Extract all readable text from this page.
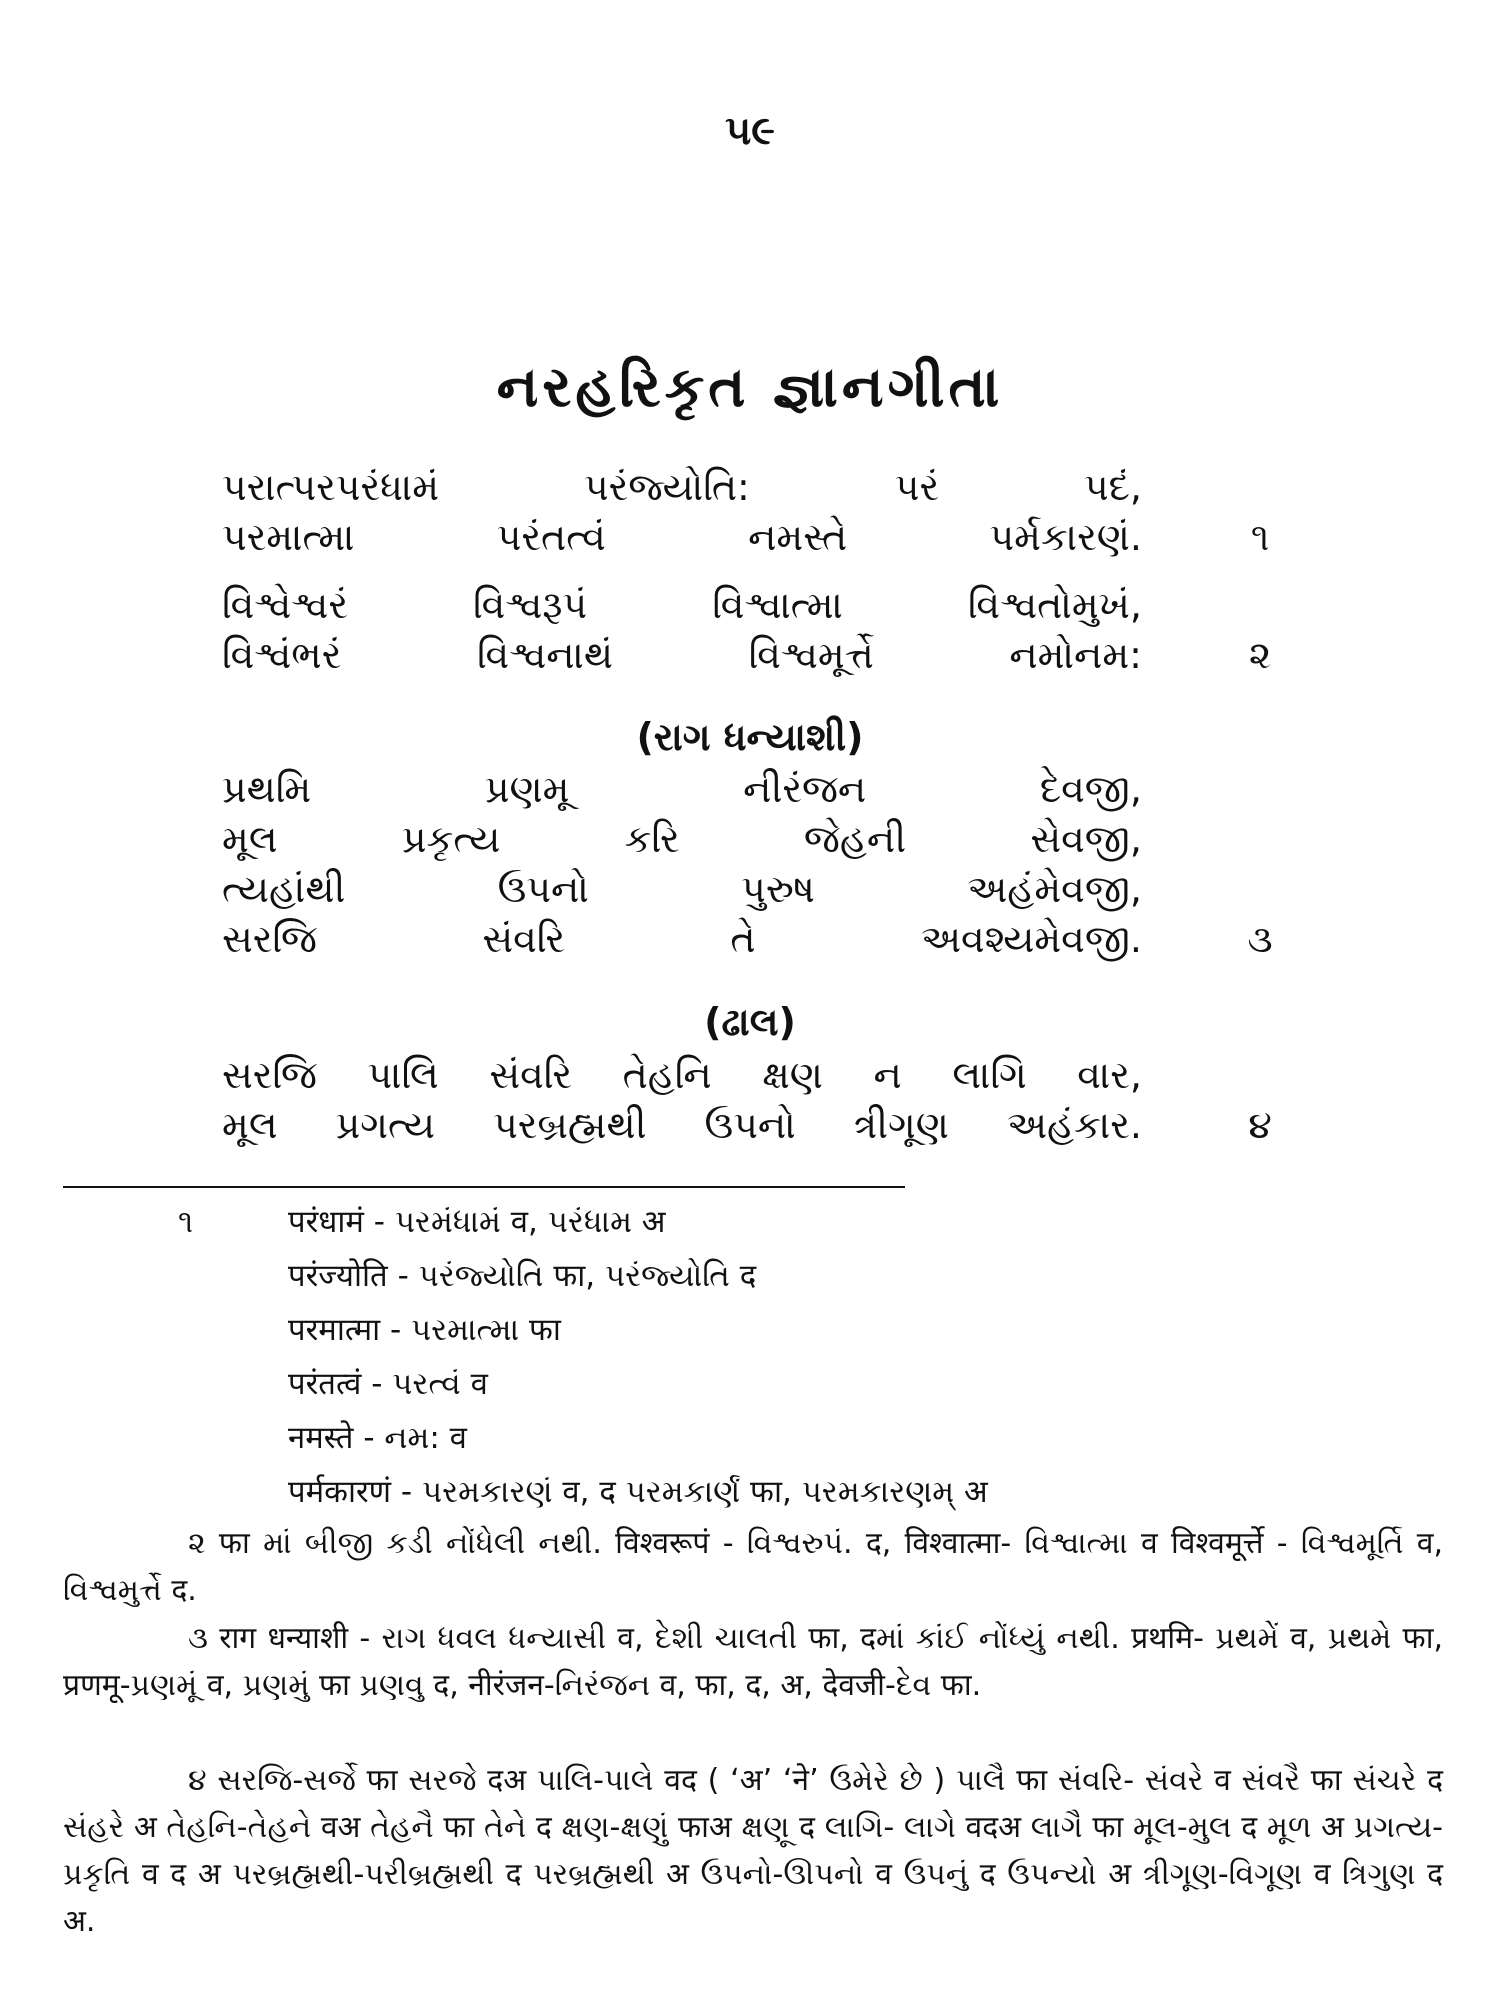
૫૯
નરહરિકૃત જ્ઞાનગીતા
પરાત્પરપરંધામં	પરંજ્યોતિ:	પરં	પદં,
પરમાત્મા	પરંતત્વં	નમસ્તે	પર્મકારણં.	૧
વિશ્વેશ્વરં	વિશ્વરૂપં	વિશ્વાત્મા	વિશ્વતોમુખં,
વિશ્વંભરં	વિશ્વનાથં	વિશ્વમૂર્ત્તે	નમોનમ:	૨
(રાગ ધન્યાશી)
પ્રથમિ	પ્રણમૂ	નીરંજન	દેવજી,
મૂલ	પ્રકૃત્ય	કરિ	જેહની	સેવજી,
ત્યહાંથી	ઉપનો	પુરુષ	અહંમેવજી,
સરજિ	સંવરિ	તે	અવશ્યમેવજી.	૩
(ઢાલ)
સરજિ પાલિ સંવરિ તેહનિ ક્ષણ ન લાગિ વાર,
મૂલ પ્રગત્ય પરબ્રહ્મથી ઉપનો ત્રીગૂણ અહંકાર.	૪
૧	परंधामं - પરમંધામં व, પરંધામ अ
परंज्योति - પરંજ્યોતિ फा, પરંજ્યોતિ द
परमात्मा - પરમાત્મા फा
परंतत्वं - પરત્વં व
नमस्ते - નમ: व
पर्मकारणं - પરમકારણં व, द પરમકાર્ણં फा, પરમકારણમ્ अ
૨ फा માં બીજી કડી નોંધેલી નથી. विश्वरूपं - વિશ્વરુપં. द, विश्वात्मा- વિશ્વાત્મા व विश्वमूर्त्ते - વિશ્વમૂર્તિ व, વિશ્વમુર્ત્તે द.
૩ राग धन्याशी - રાગ ધવલ ધન્યાસી व, દેશી ચાલતી फा, दમાં કાંઈ નોંધ્યું નથી. प्रथमि- પ્રથમેં व, પ્રથમે फा, प्रणमू-પ્રણમૂં व, પ્રણમું फा પ્રણવુ द, नीरंजन-નિરંજન व, फा, द, अ, देवजी-દેવ फा.
૪ સરજિ-સર્જે फा સરજે दअ પાલિ-પાલે वद ( ‘अ’ ‘ने’ ઉમેરે છે ) પાલૈ फा સંવરિ- સંવરે व સંવરૈ फा સંચરે द સંહરે अ તેહનિ-તેહને वअ તેહનૈ फा તેને द ક્ષણ-ક્ષણું फाअ ક્ષણૂ द લાગિ- લાગે वदअ લાગૈ फा મૂલ-મુલ द મૂળ अ પ્રગત્ય-પ્રકૃતિ व द अ પરબ્રહ્મથી-પરીબ્રહ્મથી द પરબ્રહ્મથી अ ઉપનો-ઊપનો व ઉપનું द ઉપન્યો अ ત્રીગૂણ-વિગૂણ व ત્રિગુણ द अ.
